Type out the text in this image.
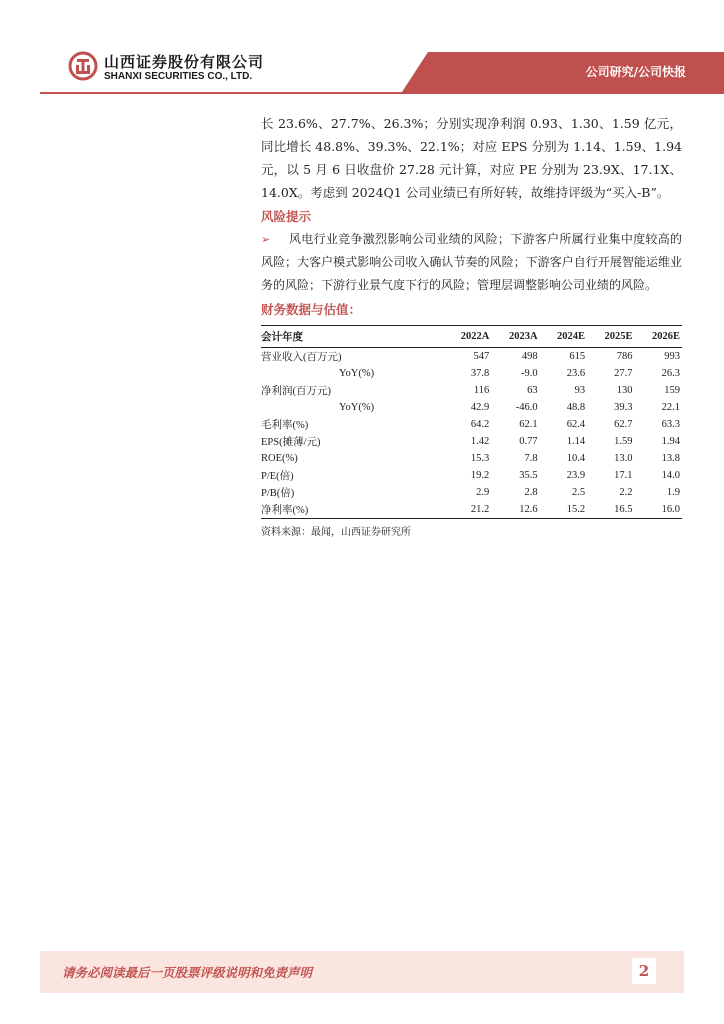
山西证券股份有限公司
SHANXI SECURITIES CO., LTD.	公司研究/公司快报

长 23.6%、27.7%、26.3%；分别实现净利润 0.93、1.30、1.59 亿元，同比增长 48.8%、39.3%、22.1%；对应 EPS 分别为 1.14、1.59、1.94 元，以 5 月 6 日收盘价 27.28 元计算，对应 PE 分别为 23.9X、17.1X、14.0X。考虑到 2024Q1 公司业绩已有所好转，故维持评级为“买入-B”。

风险提示

➢ 风电行业竞争激烈影响公司业绩的风险；下游客户所属行业集中度较高的风险；大客户模式影响公司收入确认节奏的风险；下游客户自行开展智能运维业务的风险；下游行业景气度下行的风险；管理层调整影响公司业绩的风险。

财务数据与估值：
会计年度	2022A	2023A	2024E	2025E	2026E
营业收入(百万元)	547	498	615	786	993
YoY(%)	37.8	-9.0	23.6	27.7	26.3
净利润(百万元)	116	63	93	130	159
YoY(%)	42.9	-46.0	48.8	39.3	22.1
毛利率(%)	64.2	62.1	62.4	62.7	63.3
EPS(摊薄/元)	1.42	0.77	1.14	1.59	1.94
ROE(%)	15.3	7.8	10.4	13.0	13.8
P/E(倍)	19.2	35.5	23.9	17.1	14.0
P/B(倍)	2.9	2.8	2.5	2.2	1.9
净利率(%)	21.2	12.6	15.2	16.5	16.0
资料来源：最闻，山西证券研究所
请务必阅读最后一页股票评级说明和免责声明	2
